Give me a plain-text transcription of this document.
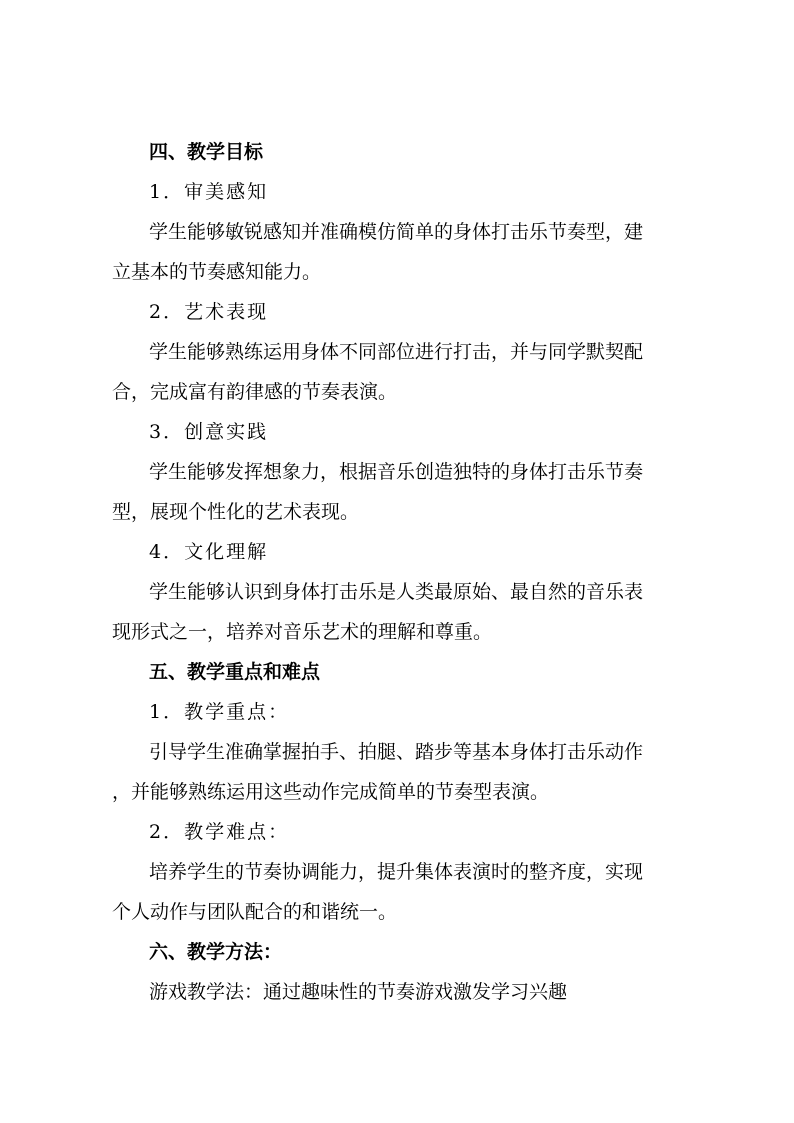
四、教学目标
1．审美感知
学生能够敏锐感知并准确模仿简单的身体打击乐节奏型，建
立基本的节奏感知能力。
2．艺术表现
学生能够熟练运用身体不同部位进行打击，并与同学默契配
合，完成富有韵律感的节奏表演。
3．创意实践
学生能够发挥想象力，根据音乐创造独特的身体打击乐节奏
型，展现个性化的艺术表现。
4．文化理解
学生能够认识到身体打击乐是人类最原始、最自然的音乐表
现形式之一，培养对音乐艺术的理解和尊重。
五、教学重点和难点
1．教学重点：
引导学生准确掌握拍手、拍腿、踏步等基本身体打击乐动作
，并能够熟练运用这些动作完成简单的节奏型表演。
2．教学难点：
培养学生的节奏协调能力，提升集体表演时的整齐度，实现
个人动作与团队配合的和谐统一。
六、教学方法：
游戏教学法：通过趣味性的节奏游戏激发学习兴趣
